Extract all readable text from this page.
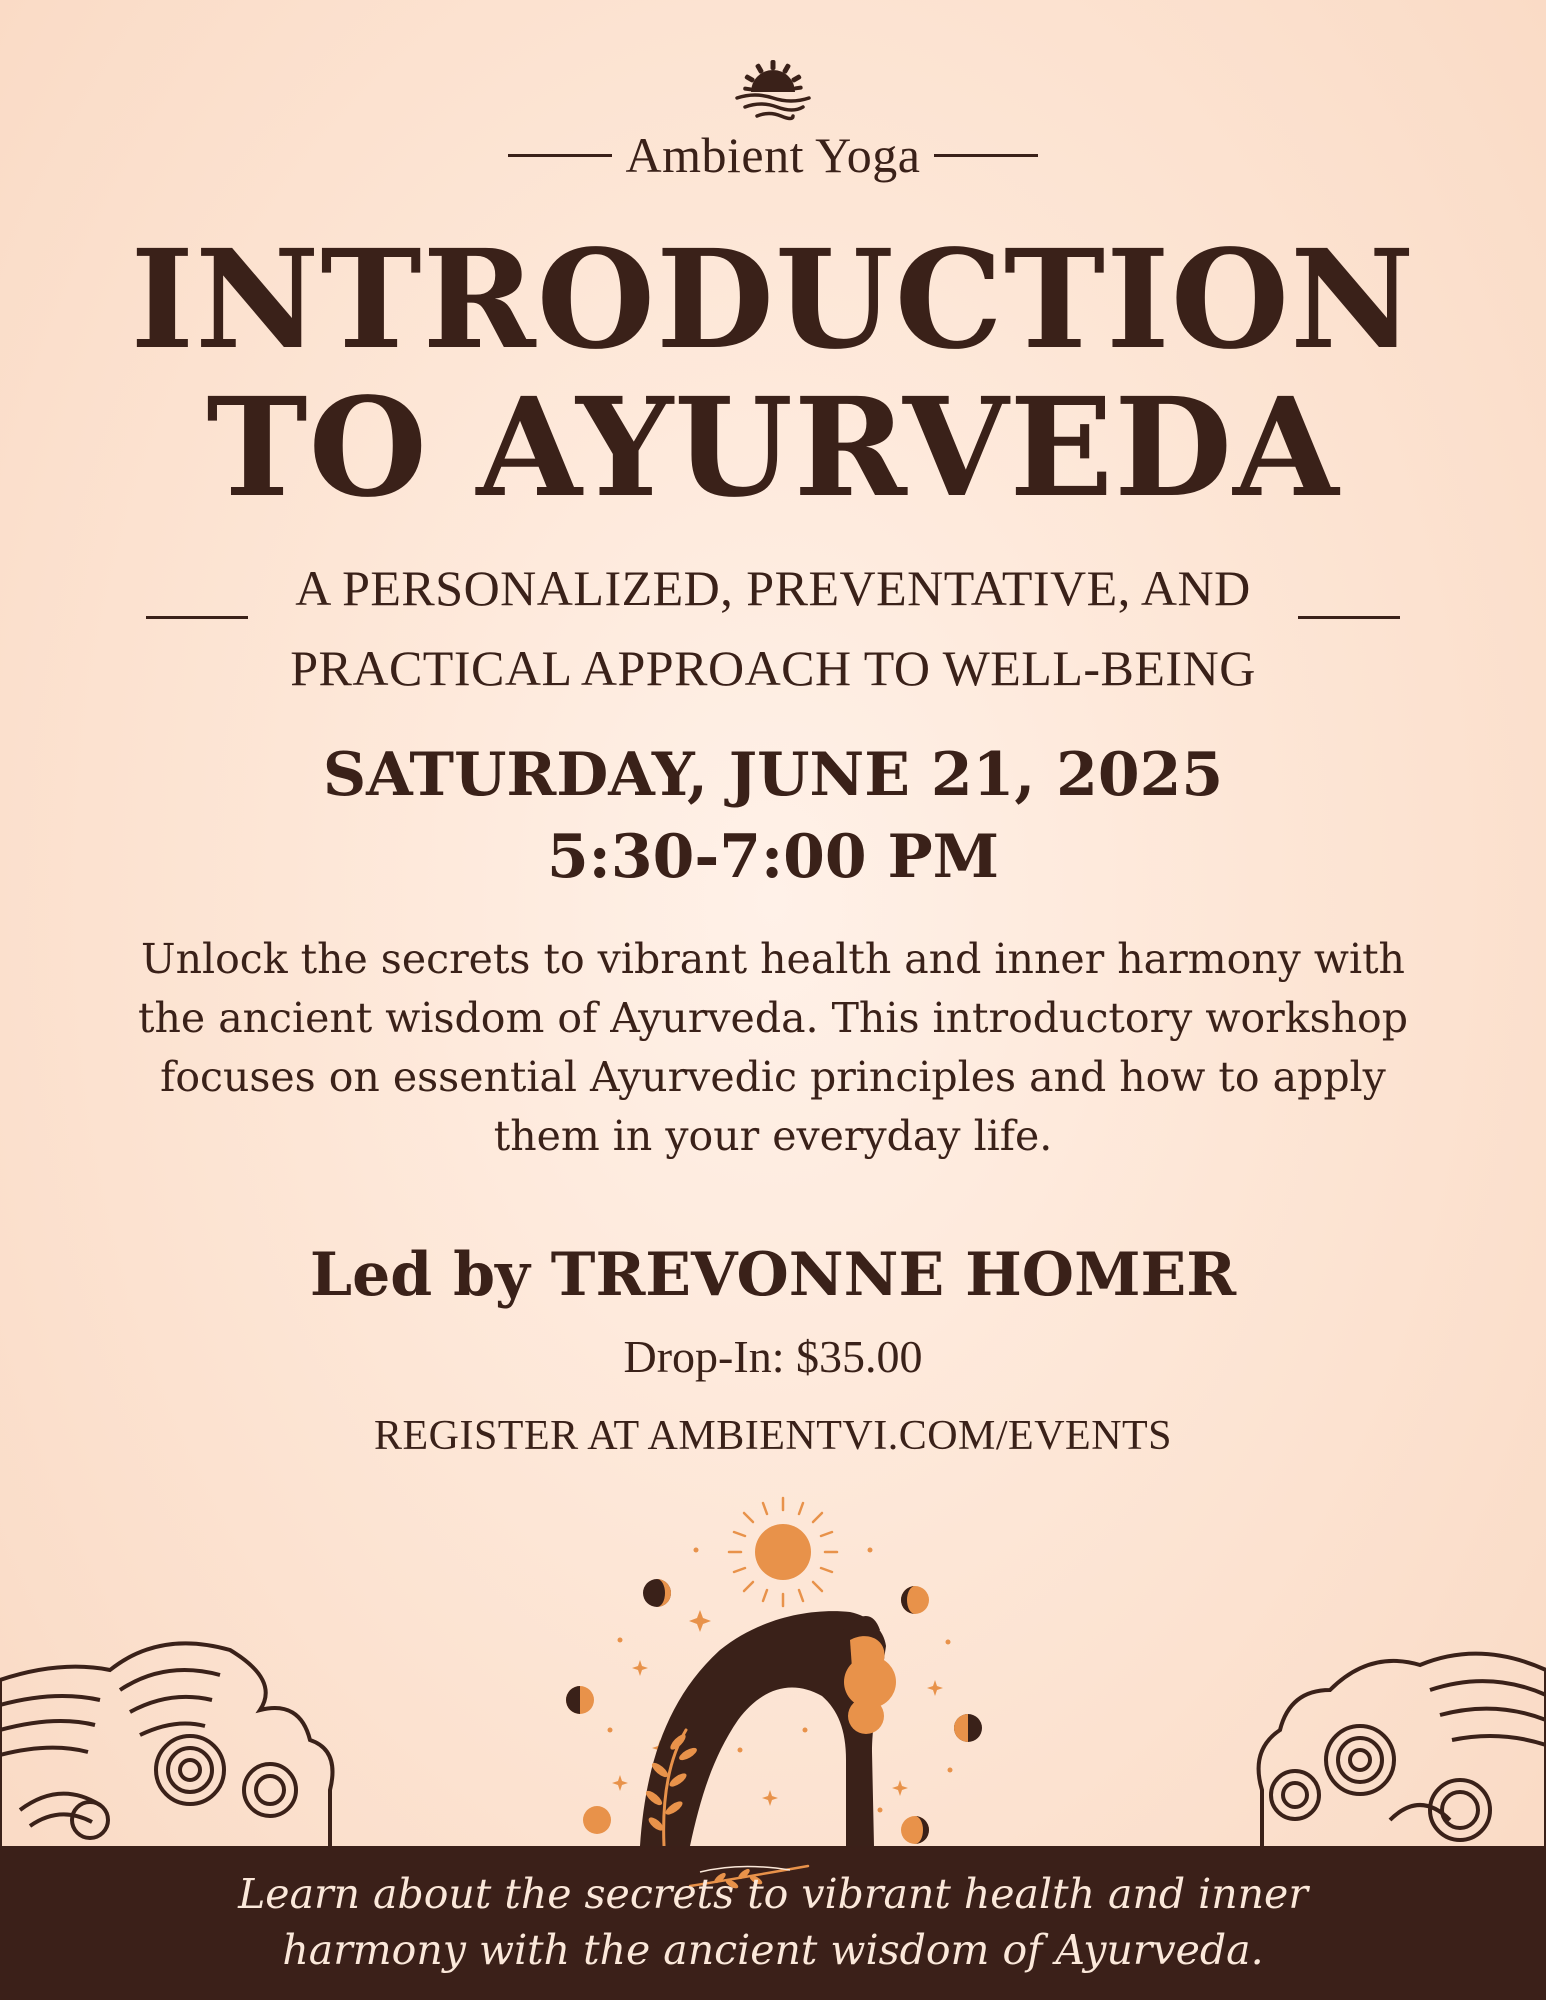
Ambient Yoga
INTRODUCTION
TO AYURVEDA
A PERSONALIZED, PREVENTATIVE, AND
PRACTICAL APPROACH TO WELL-BEING
SATURDAY, JUNE 21, 2025
5:30-7:00 PM
Unlock the secrets to vibrant health and inner harmony with the ancient wisdom of Ayurveda. This introductory workshop focuses on essential Ayurvedic principles and how to apply them in your everyday life.
Led by TREVONNE HOMER
Drop-In: $35.00
REGISTER AT AMBIENTVI.COM/EVENTS
Learn about the secrets to vibrant health and inner
harmony with the ancient wisdom of Ayurveda.
